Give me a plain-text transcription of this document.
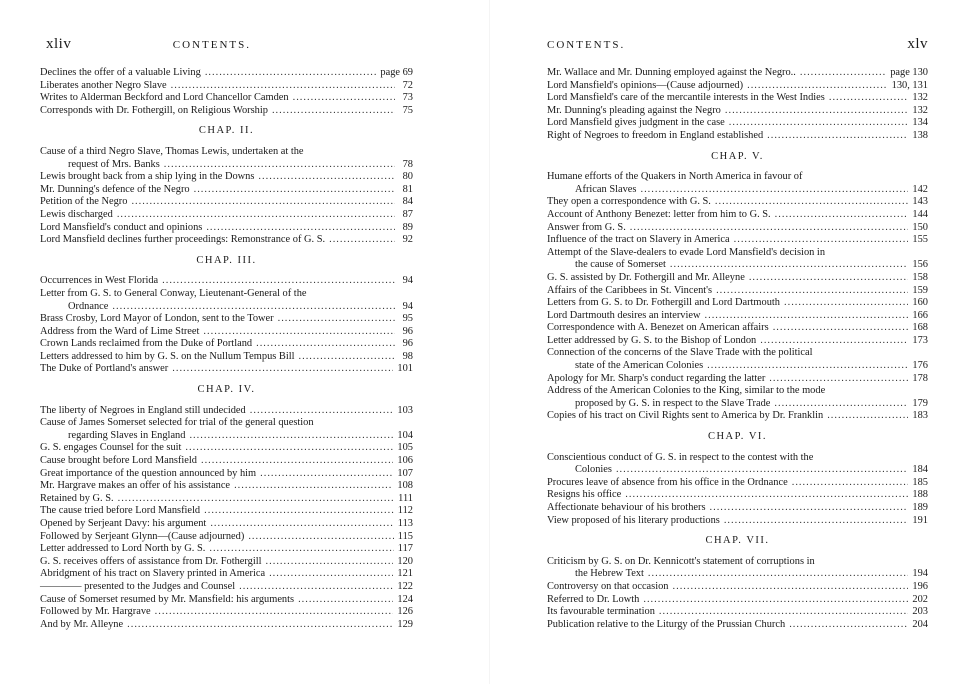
xliv	CONTENTS.
Declines the offer of a valuable Living .....	page 69
Liberates another Negro Slave .....	72
Writes to Alderman Beckford and Lord Chancellor Camden .....	73
Corresponds with Dr. Fothergill, on Religious Worship .....	75
CHAP. II.
Cause of a third Negro Slave, Thomas Lewis, undertaken at the
request of Mrs. Banks .....	78
Lewis brought back from a ship lying in the Downs .....	80
Mr. Dunning's defence of the Negro .....	81
Petition of the Negro .....	84
Lewis discharged .....	87
Lord Mansfield's conduct and opinions .....	89
Lord Mansfield declines further proceedings: Remonstrance of G. S. .....	92
CHAP. III.
Occurrences in West Florida .....	94
Letter from G. S. to General Conway, Lieutenant-General of the
Ordnance .....	94
Brass Crosby, Lord Mayor of London, sent to the Tower .....	95
Address from the Ward of Lime Street .....	96
Crown Lands reclaimed from the Duke of Portland .....	96
Letters addressed to him by G. S. on the Nullum Tempus Bill .....	98
The Duke of Portland's answer .....	101
CHAP. IV.
The liberty of Negroes in England still undecided .....	103
Cause of James Somerset selected for trial of the general question
regarding Slaves in England .....	104
G. S. engages Counsel for the suit .....	105
Cause brought before Lord Mansfield .....	106
Great importance of the question announced by him .....	107
Mr. Hargrave makes an offer of his assistance .....	108
Retained by G. S. .....	111
The cause tried before Lord Mansfield .....	112
Opened by Serjeant Davy: his argument .....	113
Followed by Serjeant Glynn—(Cause adjourned) .....	115
Letter addressed to Lord North by G. S. .....	117
G. S. receives offers of assistance from Dr. Fothergill .....	120
Abridgment of his tract on Slavery printed in America .....	121
———— presented to the Judges and Counsel .....	122
Cause of Somerset resumed by Mr. Mansfield: his arguments .....	124
Followed by Mr. Hargrave .....	126
And by Mr. Alleyne .....	129
CONTENTS.	xlv
Mr. Wallace and Mr. Dunning employed against the Negro.. .....	page 130
Lord Mansfield's opinions—(Cause adjourned) .....	130, 131
Lord Mansfield's care of the mercantile interests in the West Indies .....	132
Mr. Dunning's pleading against the Negro .....	132
Lord Mansfield gives judgment in the case .....	134
Right of Negroes to freedom in England established .....	138
CHAP. V.
Humane efforts of the Quakers in North America in favour of
African Slaves .....	142
They open a correspondence with G. S. .....	143
Account of Anthony Benezet: letter from him to G. S. .....	144
Answer from G. S. .....	150
Influence of the tract on Slavery in America .....	155
Attempt of the Slave-dealers to evade Lord Mansfield's decision in
the cause of Somerset .....	156
G. S. assisted by Dr. Fothergill and Mr. Alleyne .....	158
Affairs of the Caribbees in St. Vincent's .....	159
Letters from G. S. to Dr. Fothergill and Lord Dartmouth .....	160
Lord Dartmouth desires an interview .....	166
Correspondence with A. Benezet on American affairs .....	168
Letter addressed by G. S. to the Bishop of London .....	173
Connection of the concerns of the Slave Trade with the political
state of the American Colonies .....	176
Apology for Mr. Sharp's conduct regarding the latter .....	178
Address of the American Colonies to the King, similar to the mode
proposed by G. S. in respect to the Slave Trade .....	179
Copies of his tract on Civil Rights sent to America by Dr. Franklin .....	183
CHAP. VI.
Conscientious conduct of G. S. in respect to the contest with the
Colonies .....	184
Procures leave of absence from his office in the Ordnance .....	185
Resigns his office .....	188
Affectionate behaviour of his brothers .....	189
View proposed of his literary productions .....	191
CHAP. VII.
Criticism by G. S. on Dr. Kennicott's statement of corruptions in
the Hebrew Text .....	194
Controversy on that occasion .....	196
Referred to Dr. Lowth .....	202
Its favourable termination .....	203
Publication relative to the Liturgy of the Prussian Church .....	204
